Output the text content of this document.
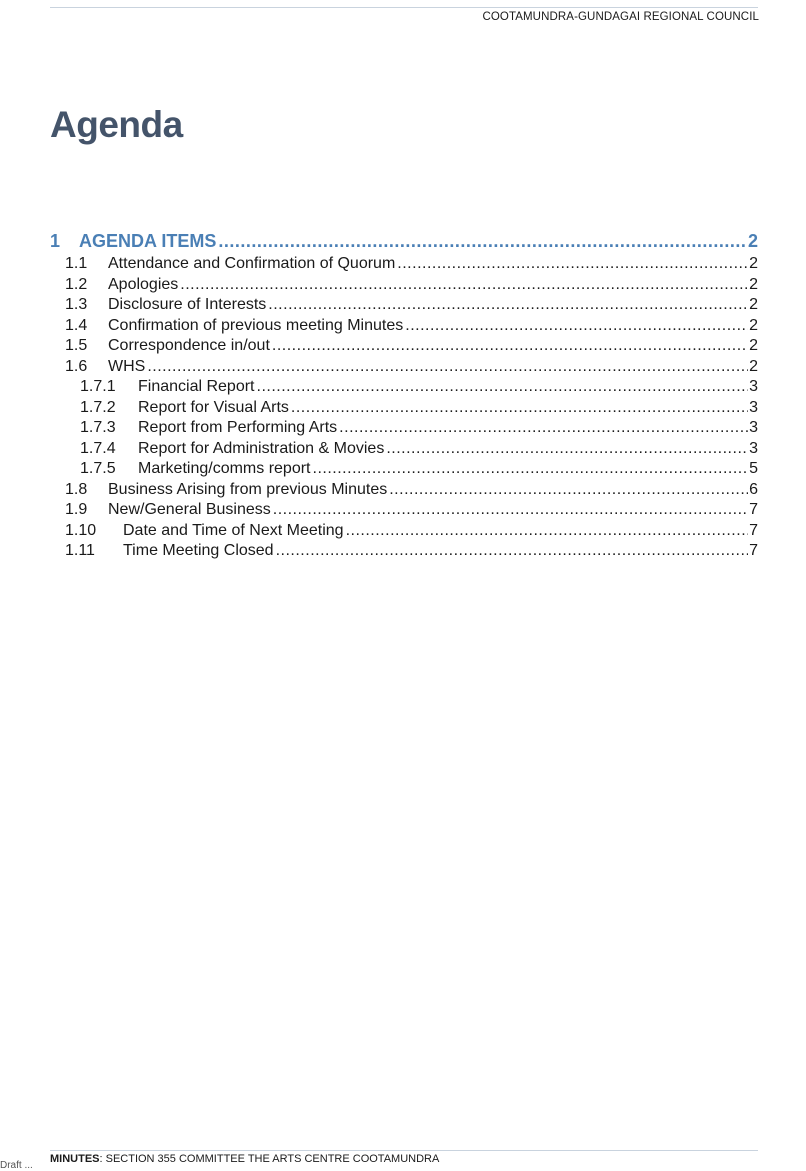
COOTAMUNDRA-GUNDAGAI REGIONAL COUNCIL
Agenda
1	AGENDA ITEMS .....	2
1.1	Attendance and Confirmation of Quorum .....	2
1.2	Apologies .....	2
1.3	Disclosure of Interests .....	2
1.4	Confirmation of previous meeting Minutes .....	2
1.5	Correspondence in/out .....	2
1.6	WHS .....	2
1.7.1	Financial Report .....	3
1.7.2	Report for Visual Arts .....	3
1.7.3	Report from Performing Arts .....	3
1.7.4	Report for Administration & Movies .....	3
1.7.5	Marketing/comms report .....	5
1.8	Business Arising from previous Minutes .....	6
1.9	New/General Business .....	7
1.10	Date and Time of Next Meeting .....	7
1.11	Time Meeting Closed .....	7
MINUTES: SECTION 355 COMMITTEE THE ARTS CENTRE COOTAMUNDRA
Draft ...
